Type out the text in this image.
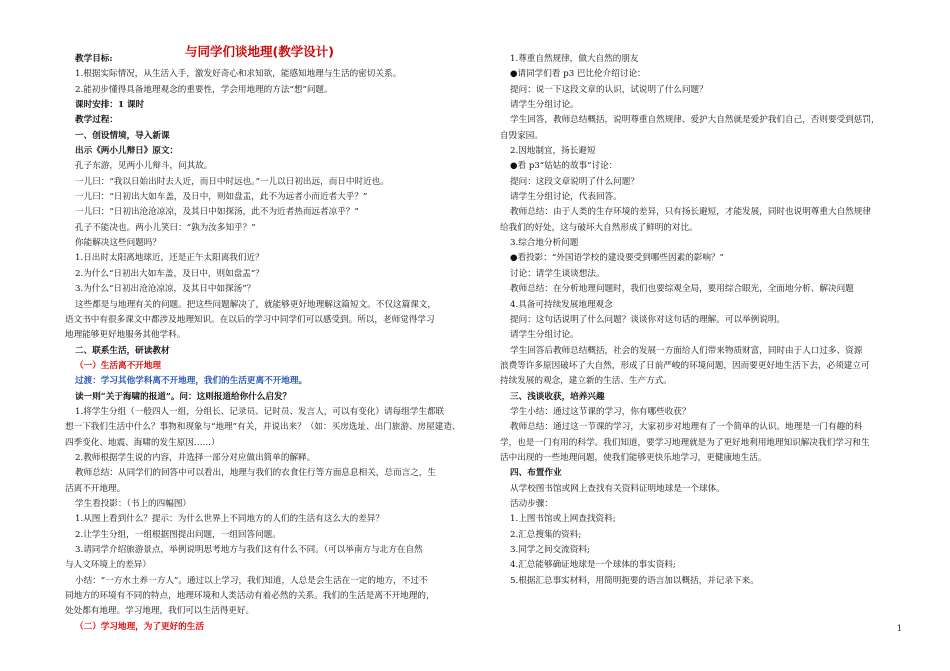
与同学们谈地理(教学设计)

教学目标:

1.根据实际情况，从生活入手，激发好奇心和求知欲，能感知地理与生活的密切关系。

2.能初步懂得具备地理观念的重要性，学会用地理的方法“想”问题。

课时安排：1 课时

教学过程：

一、创设情境，导入新课

出示《两小儿辩日》原文：

孔子东游，见两小儿辩斗，问其故。

一儿曰：“我以日始出时去人近，而日中时远也。”一儿以日初出远，而日中时近也。

一儿曰：“日初出大如车盖，及日中，则如盘盂，此不为远者小而近者大乎？”

一儿曰：“日初出沧沧凉凉，及其日中如探汤，此不为近者热而远者凉乎？”

孔子不能决也。两小儿笑曰：“孰为汝多知乎？”

你能解决这些问题吗？

1.日出时太阳离地球近，还是正午太阳离我们近？

2.为什么“日初出大如车盖，及日中，则如盘盂”？

3.为什么“日初出沧沧凉凉，及其日中如探汤”？

这些都是与地理有关的问题。把这些问题解决了，就能够更好地理解这篇短文。不仅这篇课文，

语文书中有很多课文中都涉及地理知识。在以后的学习中同学们可以感受到。所以，老师觉得学习

地理能够更好地服务其他学科。

二、联系生活，研读教材

（一）生活离不开地理

过渡：学习其他学科离不开地理，我们的生活更离不开地理。

读一则“关于海啸的报道”。问：这则报道给你什么启发？

1.将学生分组（一般四人一组，分组长、记录员、记时员、发言人，可以有变化）请每组学生都联

想一下我们生活中什么？事物和现象与“地理”有关，并说出来？（如：买房选址、出门旅游、房屋建造、

四季变化、地震、海啸的发生原因……）

2.教师根据学生说的内容，并选择一部分对应做出简单的解释。

教师总结：从同学们的回答中可以看出，地理与我们的衣食住行等方面息息相关，总而言之，生

活离不开地理。

学生看投影：（书上的四幅图）

1.从图上看到什么？提示：为什么世界上不同地方的人们的生活有这么大的差异？

2.让学生分组，一组根据图提出问题，一组回答问题。

3.请同学介绍旅游景点，举例说明思考地方与我们这有什么不同。（可以举南方与北方在自然

与人文环境上的差异）

小结：“一方水土养一方人”。通过以上学习，我们知道，人总是会生活在一定的地方，不过不

同地方的环境有不同的特点，地理环境和人类活动有着必然的关系。我们的生活是离不开地理的，

处处都有地理。学习地理，我们可以生活得更好。

（二）学习地理，为了更好的生活

1.尊重自然规律，做大自然的朋友

●请同学们看 p3 巴比伦介绍讨论：

提问：说一下这段文章的认识，试说明了什么问题？

请学生分组讨论。

学生回答，教师总结概括，说明尊重自然规律、爱护大自然就是爱护我们自己，否则要受到惩罚，

自毁家园。

2.因地制宜，扬长避短

●看 p3“姑姑的故事”讨论：

提问：这段文章说明了什么问题？

请学生分组讨论，代表回答。

教师总结：由于人类的生存环境的差异，只有扬长避短，才能发展，同时也说明尊重大自然规律

给我们的好处，这与破坏大自然形成了鲜明的对比。

3.综合地分析问题

●看投影：“外国语学校的建设要受到哪些因素的影响？”

讨论：请学生谈谈想法。

教师总结：在分析地理问题时，我们也要综观全局，要用综合眼光，全面地分析、解决问题

4.具备可持续发展地理观念

提问：这句话说明了什么问题？谈谈你对这句话的理解。可以举例说明。

请学生分组讨论。

学生回答后教师总结概括，社会的发展一方面给人们带来物质财富，同时由于人口过多、资源

浪费等许多原因破坏了大自然，形成了日前严峻的环境问题，因而要更好地生活下去，必须建立可

持续发展的观念，建立新的生活、生产方式。

三、浅谈收获，培养兴趣

学生小结：通过这节课的学习，你有哪些收获？

教师总结：通过这一节课的学习，大家初步对地理有了一个简单的认识。地理是一门有趣的科

学，也是一门有用的科学。我们知道，要学习地理就是为了更好地利用地理知识解决我们学习和生

活中出现的一些地理问题，使我们能够更快乐地学习，更健康地生活。

四、布置作业

从学校图书馆或网上查找有关资料证明地球是一个球体。

活动步骤：

1.上图书馆或上网查找资料;

2.汇总搜集的资料;

3.同学之间交流资料;

4.汇总能够确证地球是一个球体的事实资料;

5.根据汇总事实材料，用简明扼要的语言加以概括，并记录下来。

1
